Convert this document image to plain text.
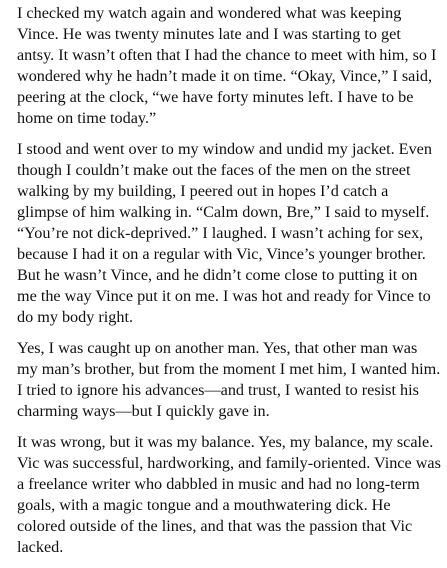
I checked my watch again and wondered what was keeping Vince. He was twenty minutes late and I was starting to get antsy. It wasn’t often that I had the chance to meet with him, so I wondered why he hadn’t made it on time. “Okay, Vince,” I said, peering at the clock, “we have forty minutes left. I have to be home on time today.”

I stood and went over to my window and undid my jacket. Even though I couldn’t make out the faces of the men on the street walking by my building, I peered out in hopes I’d catch a glimpse of him walking in. “Calm down, Bre,” I said to myself. “You’re not dick-deprived.” I laughed. I wasn’t aching for sex, because I had it on a regular with Vic, Vince’s younger brother. But he wasn’t Vince, and he didn’t come close to putting it on me the way Vince put it on me. I was hot and ready for Vince to do my body right.

Yes, I was caught up on another man. Yes, that other man was my man’s brother, but from the moment I met him, I wanted him. I tried to ignore his advances—and trust, I wanted to resist his charming ways—but I quickly gave in.

It was wrong, but it was my balance. Yes, my balance, my scale. Vic was successful, hardworking, and family-oriented. Vince was a freelance writer who dabbled in music and had no long-term goals, with a magic tongue and a mouthwatering dick. He colored outside of the lines, and that was the passion that Vic lacked.
